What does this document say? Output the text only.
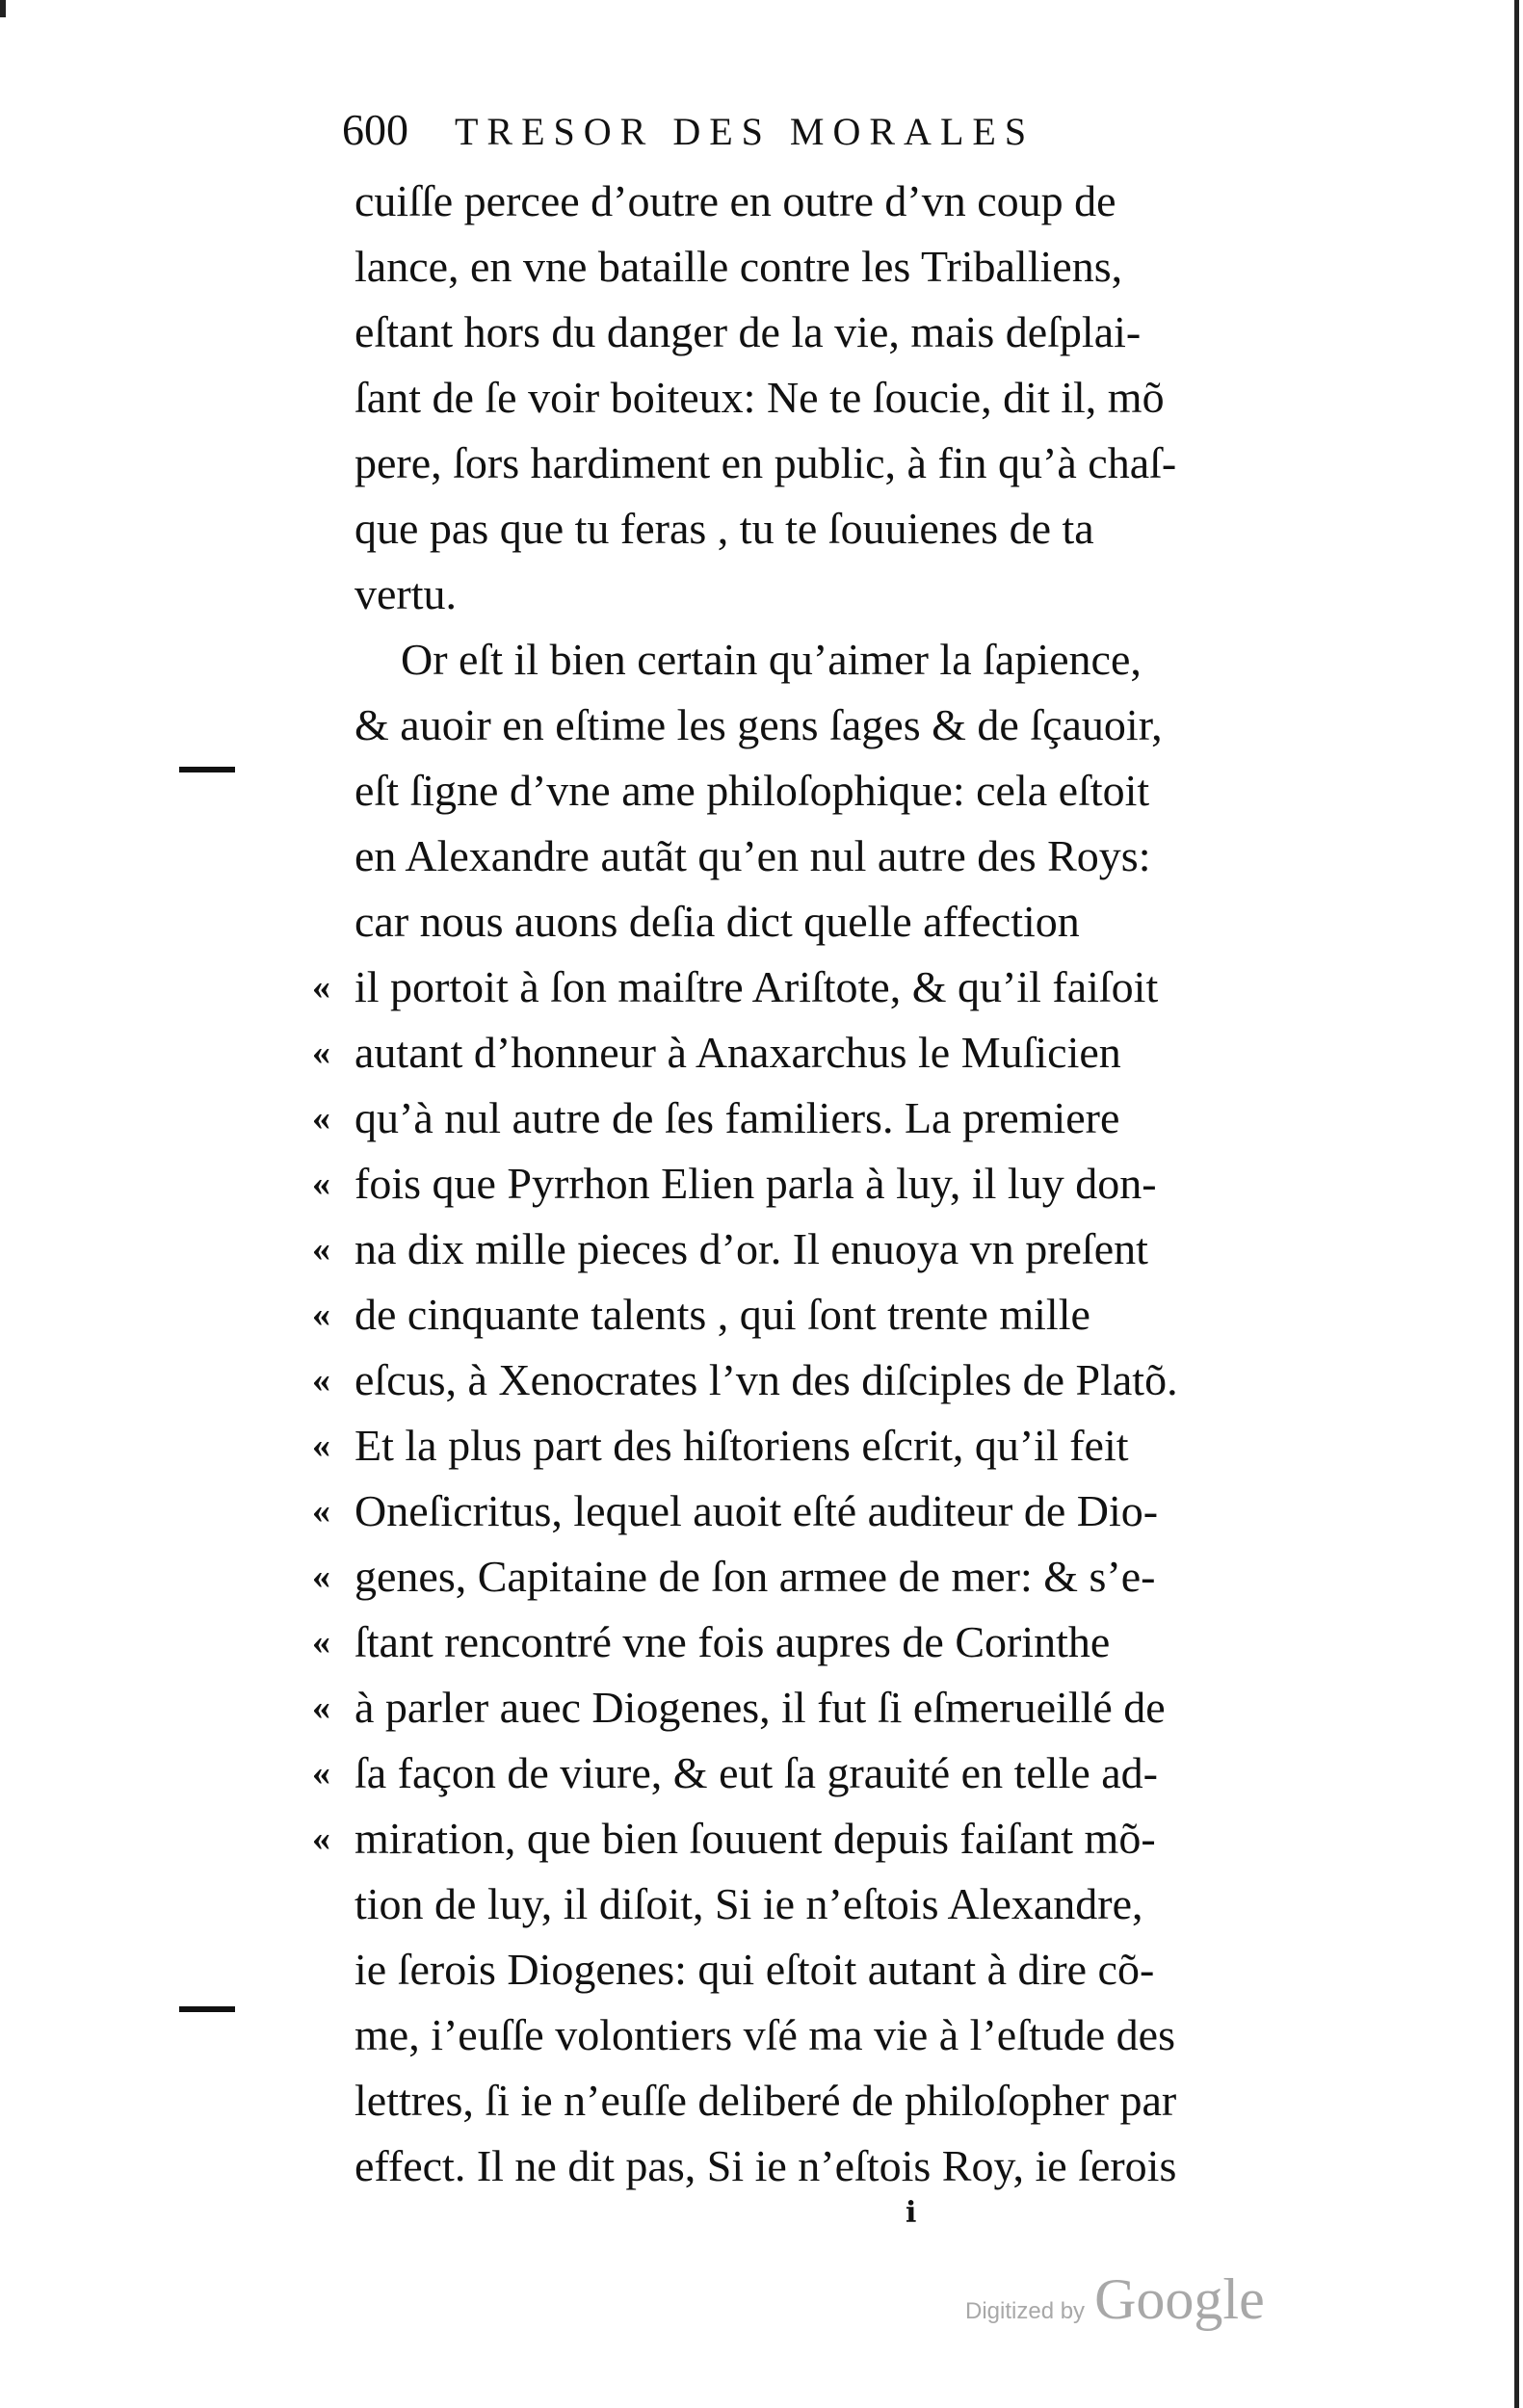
600 TRESOR DES MORALES
cuiſſe percee d’outre en outre d’vn coup de
lance, en vne bataille contre les Triballiens,
eſtant hors du danger de la vie, mais deſplai-
ſant de ſe voir boiteux: Ne te ſoucie, dit il, mõ
pere, ſors hardiment en public, à fin qu’à chaſ-
que pas que tu feras , tu te ſouuienes de ta
vertu.
Or eſt il bien certain qu’aimer la ſapience,
& auoir en eſtime les gens ſages & de ſçauoir,
eſt ſigne d’vne ame philoſophique: cela eſtoit
en Alexandre autãt qu’en nul autre des Roys:
car nous auons deſia dict quelle affection
« il portoit à ſon maiſtre Ariſtote, & qu’il faiſoit
« autant d’honneur à Anaxarchus le Muſicien
« qu’à nul autre de ſes familiers. La premiere
« fois que Pyrrhon Elien parla à luy, il luy don-
« na dix mille pieces d’or. Il enuoya vn preſent
« de cinquante talents , qui ſont trente mille
« eſcus, à Xenocrates l’vn des diſciples de Platõ.
« Et la plus part des hiſtoriens eſcrit, qu’il feit
« Oneſicritus, lequel auoit eſté auditeur de Dio-
« genes, Capitaine de ſon armee de mer: & s’e-
« ſtant rencontré vne fois aupres de Corinthe
« à parler auec Diogenes, il fut ſi eſmerueillé de
« ſa façon de viure, & eut ſa grauité en telle ad-
« miration, que bien ſouuent depuis faiſant mõ-
tion de luy, il diſoit, Si ie n’eſtois Alexandre,
ie ſerois Diogenes: qui eſtoit autant à dire cõ-
me, i’euſſe volontiers vſé ma vie à l’eſtude des
lettres, ſi ie n’euſſe deliberé de philoſopher par
effect. Il ne dit pas, Si ie n’eſtois Roy, ie ſerois
i
Digitized by Google
